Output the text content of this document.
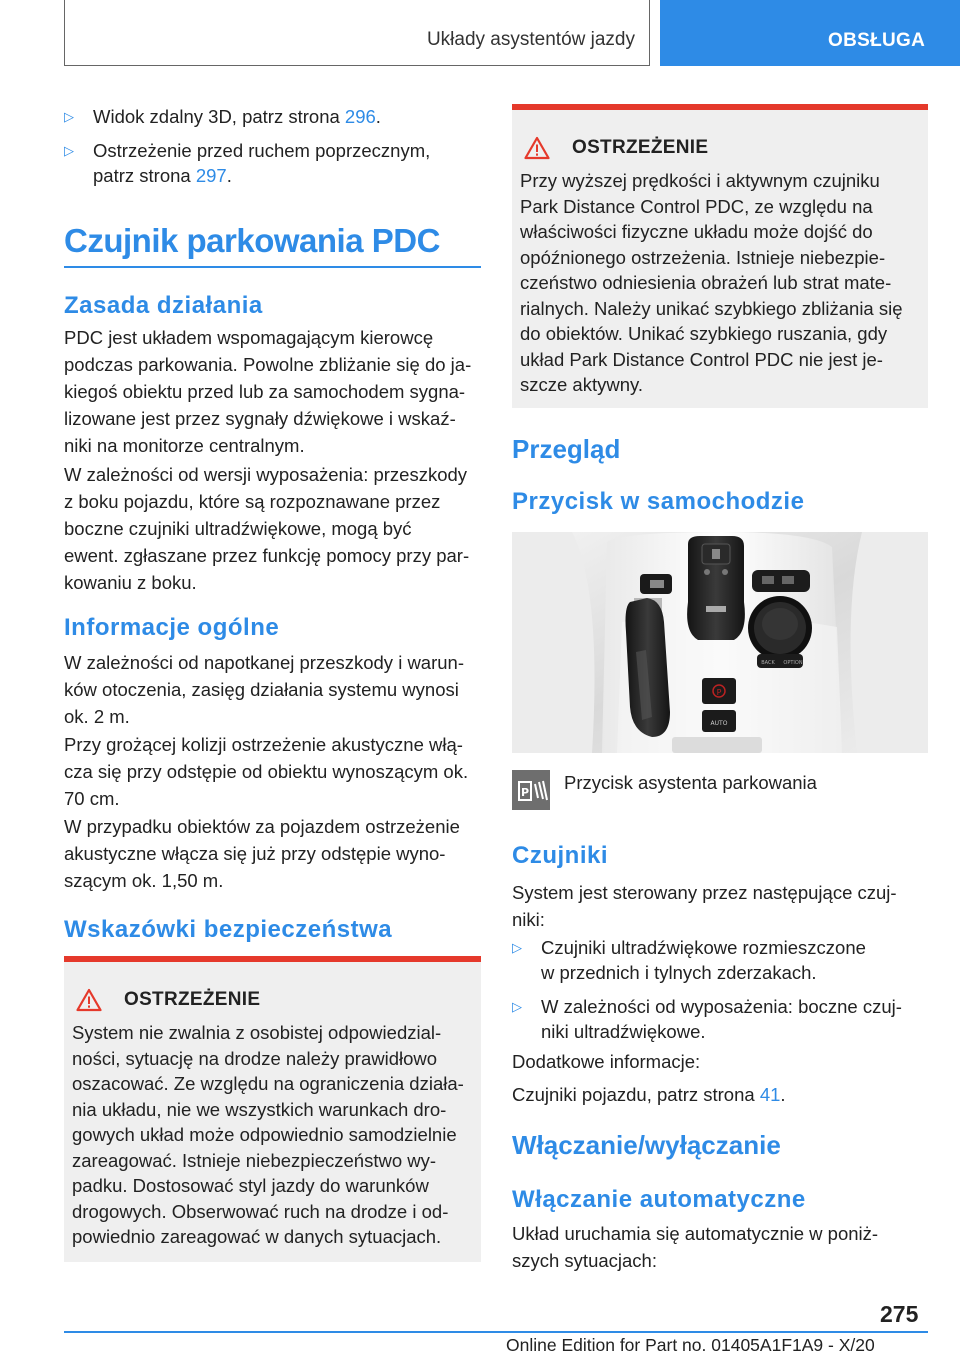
Układy asystentów jazdy	OBSŁUGA
▷ Widok zdalny 3D, patrz strona 296.
▷ Ostrzeżenie przed ruchem poprzecznym,
patrz strona 297.
Czujnik parkowania PDC
Zasada działania

PDC jest układem wspomagającym kierowcę
podczas parkowania. Powolne zbliżanie się do ja‐
kiegoś obiektu przed lub za samochodem sygna‐
lizowane jest przez sygnały dźwiękowe i wskaź‐
niki na monitorze centralnym.

W zależności od wersji wyposażenia: przeszkody
z boku pojazdu, które są rozpoznawane przez
boczne czujniki ultradźwiękowe, mogą być
ewent. zgłaszane przez funkcję pomocy przy par‐
kowaniu z boku.

Informacje ogólne

W zależności od napotkanej przeszkody i warun‐
ków otoczenia, zasięg działania systemu wynosi
ok. 2 m.

Przy grożącej kolizji ostrzeżenie akustyczne włą‐
cza się przy odstępie od obiektu wynoszącym ok.
70 cm.

W przypadku obiektów za pojazdem ostrzeżenie
akustyczne włącza się już przy odstępie wyno‐
szącym ok. 1,50 m.

Wskazówki bezpieczeństwa
OSTRZEŻENIE
System nie zwalnia z osobistej odpowiedzial‐
ności, sytuację na drodze należy prawidłowo
oszacować. Ze względu na ograniczenia działa‐
nia układu, nie we wszystkich warunkach dro‐
gowych układ może odpowiednio samodzielnie
zareagować. Istnieje niebezpieczeństwo wy‐
padku. Dostosować styl jazdy do warunków
drogowych. Obserwować ruch na drodze i od‐
powiednio zareagować w danych sytuacjach.
OSTRZEŻENIE
Przy wyższej prędkości i aktywnym czujniku
Park Distance Control PDC, ze względu na
właściwości fizyczne układu może dojść do
opóźnionego ostrzeżenia. Istnieje niebezpie‐
czeństwo odniesienia obrażeń lub strat mate‐
rialnych. Należy unikać szybkiego zbliżania się
do obiektów. Unikać szybkiego ruszania, gdy
układ Park Distance Control PDC nie jest je‐
szcze aktywny.
Przegląd
Przycisk w samochodzie
Czujniki

System jest sterowany przez następujące czuj‐
niki:

▷ Czujniki ultradźwiękowe rozmieszczone
w przednich i tylnych zderzakach.
▷ W zależności od wyposażenia: boczne czuj‐
niki ultradźwiękowe.

Dodatkowe informacje:

Czujniki pojazdu, patrz strona 41.

Włączanie/wyłączanie
Włączanie automatyczne

Układ uruchamia się automatycznie w poniż‐
szych sytuacjach:

P
AUTO
BACK OPTION
P Przycisk asystenta parkowania
275
Online Edition for Part no. 01405A1F1A9 - X/20
